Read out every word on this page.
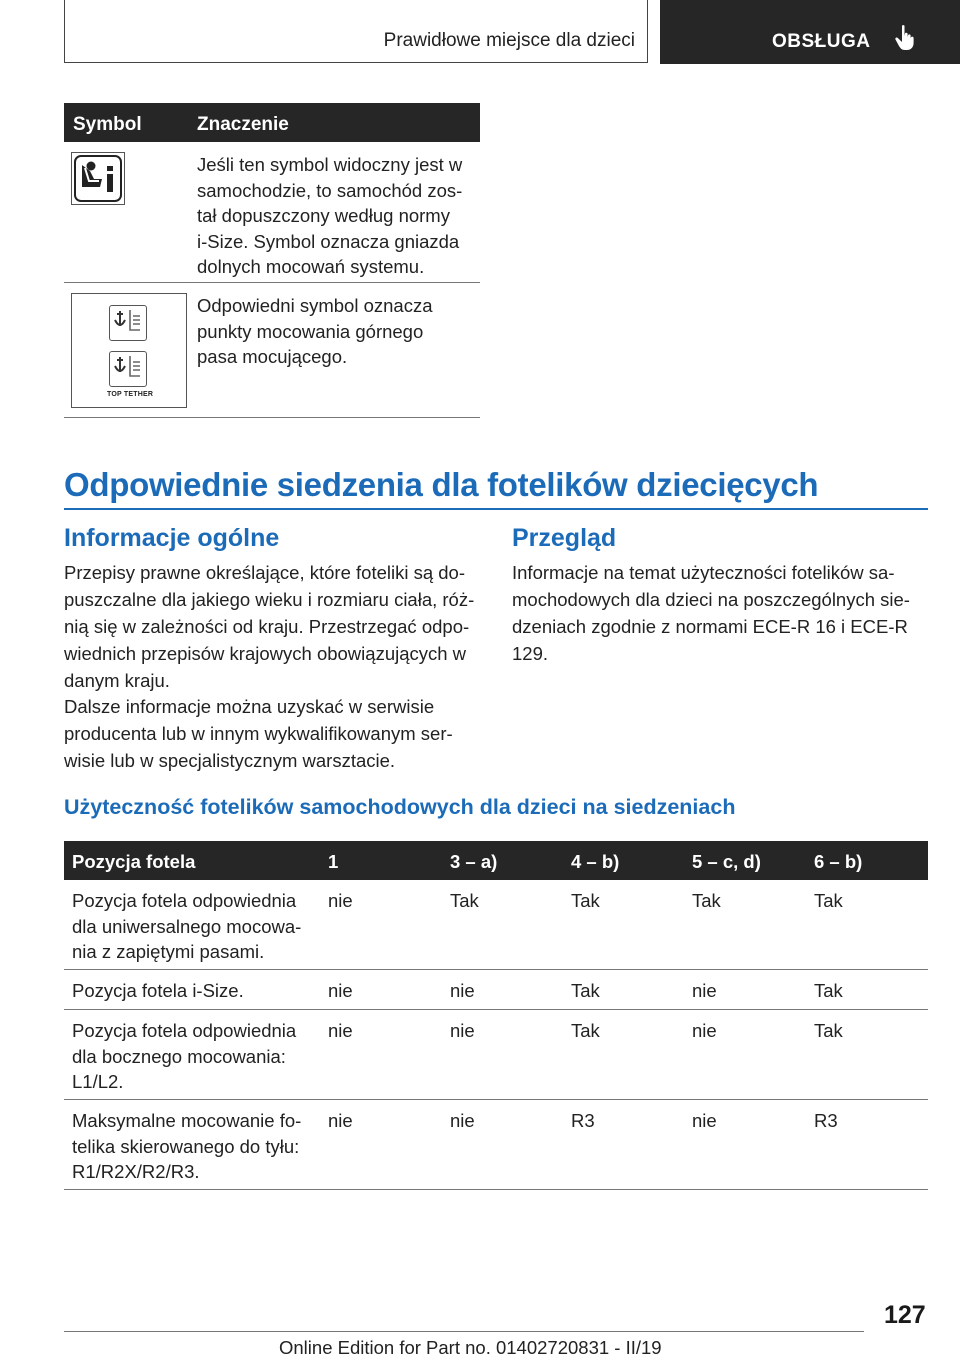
Prawidłowe miejsce dla dzieci	OBSŁUGA
Symbol	Znaczenie
Jeśli ten symbol widoczny jest w
samochodzie, to samochód zos-
tał dopuszczony według normy
i-Size. Symbol oznacza gniazda
dolnych mocowań systemu.
TOP TETHER
Odpowiedni symbol oznacza
punkty mocowania górnego
pasa mocującego.
Odpowiednie siedzenia dla fotelików dziecięcych
Informacje ogólne
Przepisy prawne określające, które foteliki są do-
puszczalne dla jakiego wieku i rozmiaru ciała, róż-
nią się w zależności od kraju. Przestrzegać odpo-
wiednich przepisów krajowych obowiązujących w
danym kraju.
Dalsze informacje można uzyskać w serwisie
producenta lub w innym wykwalifikowanym ser-
wisie lub w specjalistycznym warsztacie.
Przegląd
Informacje na temat użyteczności fotelików sa-
mochodowych dla dzieci na poszczególnych sie-
dzeniach zgodnie z normami ECE-R 16 i ECE-R
129.
Użyteczność fotelików samochodowych dla dzieci na siedzeniach
Pozycja fotela	1	3 – a)	4 – b)	5 – c, d)	6 – b)
Pozycja fotela odpowiednia
dla uniwersalnego mocowa-
nia z zapiętymi pasami.
nie	Tak	Tak	Tak	Tak
Pozycja fotela i-Size.	nie	nie	Tak	nie	Tak
Pozycja fotela odpowiednia
dla bocznego mocowania:
L1/L2.
nie	nie	Tak	nie	Tak
Maksymalne mocowanie fo-
telika skierowanego do tyłu:
R1/R2X/R2/R3.
nie	nie	R3	nie	R3
127
Online Edition for Part no. 01402720831 - II/19
